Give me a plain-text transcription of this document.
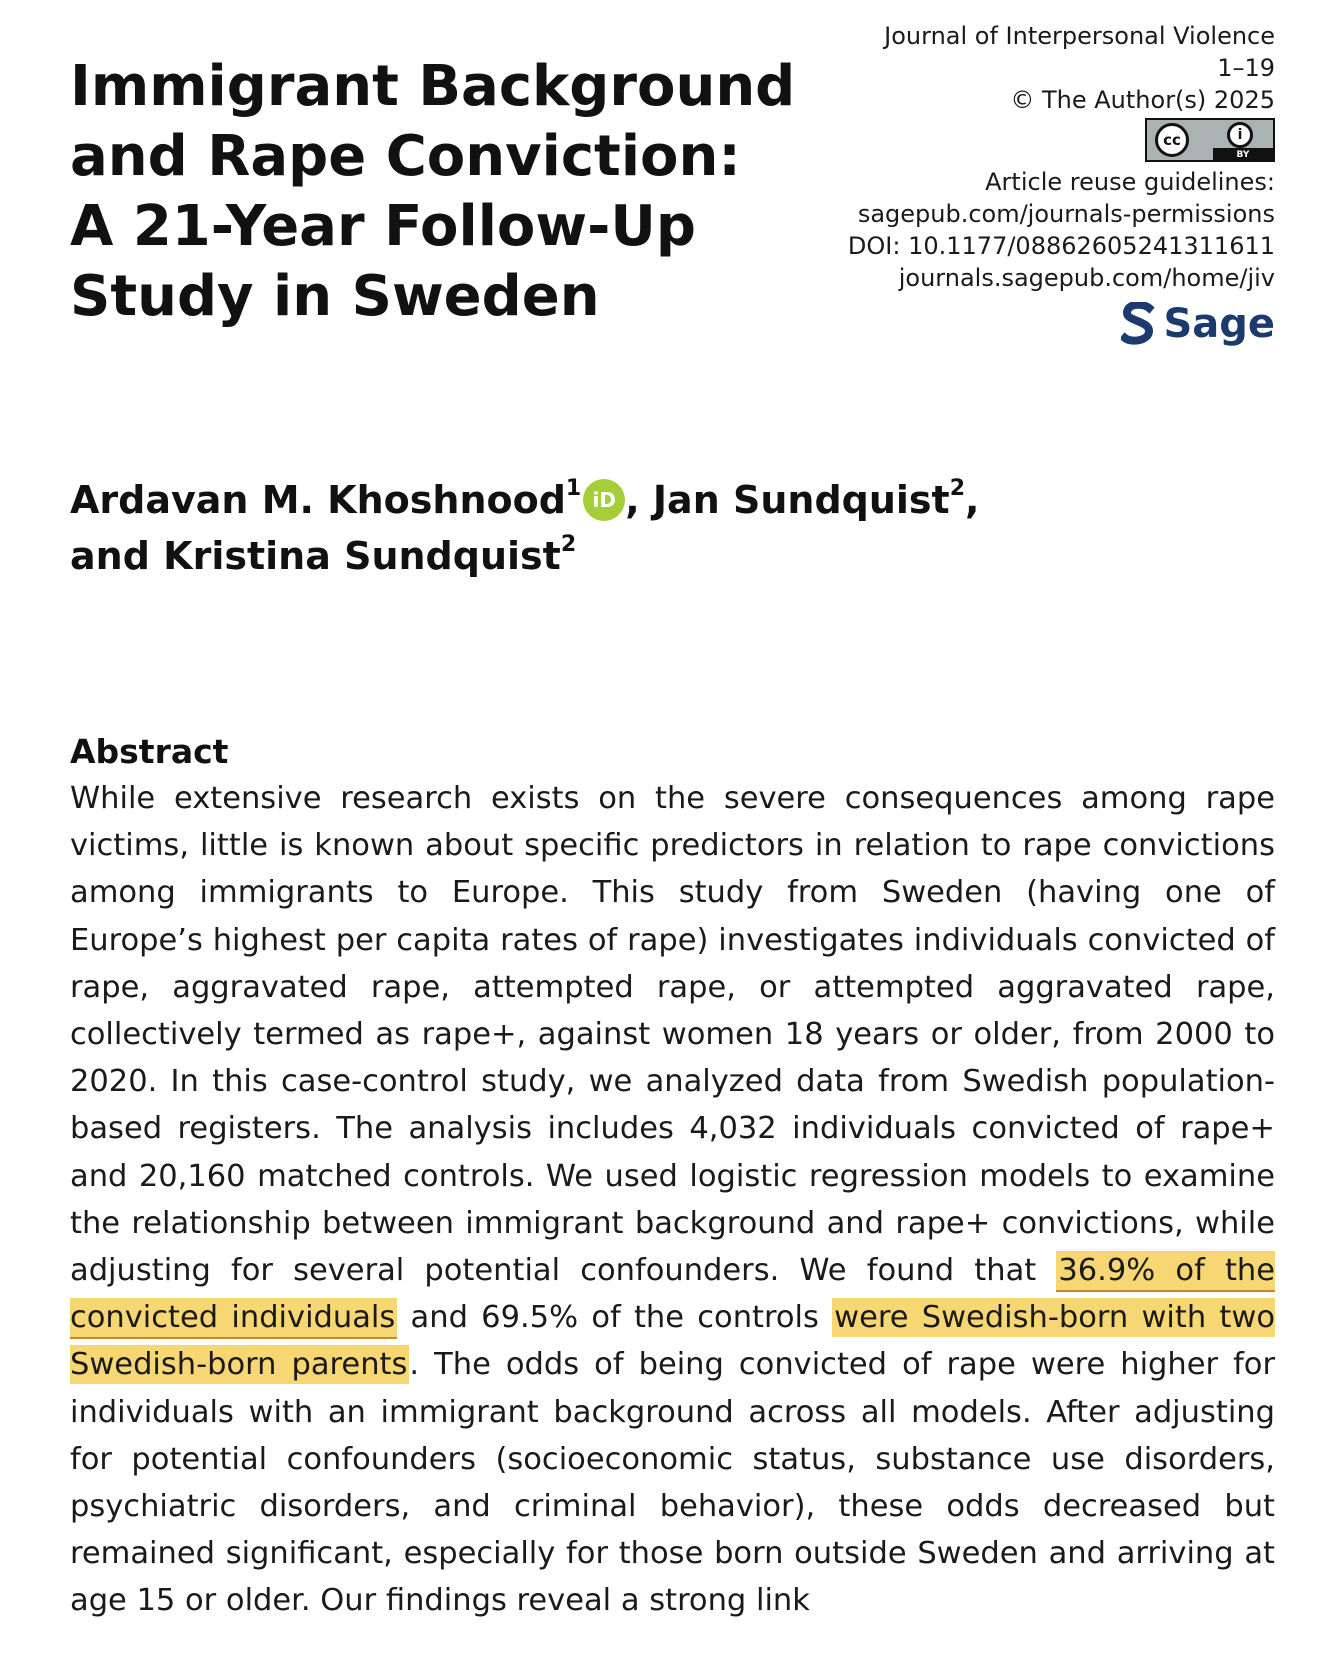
Journal of Interpersonal Violence
1–19
© The Author(s) 2025
cc	i
BY
Article reuse guidelines:
sagepub.com/journals-permissions
DOI: 10.1177/08862605241311611
journals.sagepub.com/home/jiv
Sage
Immigrant Background
and Rape Conviction:
A 21-Year Follow-Up
Study in Sweden
Ardavan M. Khoshnood$^1$ iD , Jan Sundquist$^2$,
and Kristina Sundquist$^2$
Abstract

While extensive research exists on the severe consequences among rape victims, little is known about specific predictors in relation to rape convictions among immigrants to Europe. This study from Sweden (having one of Europe’s highest per capita rates of rape) investigates individuals convicted of rape, aggravated rape, attempted rape, or attempted aggravated rape, collectively termed as rape+, against women 18 years or older, from 2000 to 2020. In this case-control study, we analyzed data from Swedish population-based registers. The analysis includes 4,032 individuals convicted of rape+ and 20,160 matched controls. We used logistic regression models to examine the relationship between immigrant background and rape+ convictions, while adjusting for several potential confounders. We found that 36.9% of the convicted individuals and 69.5% of the controls were Swedish-born with two Swedish-born parents. The odds of being convicted of rape were higher for individuals with an immigrant background across all models. After adjusting for potential confounders (socioeconomic status, substance use disorders, psychiatric disorders, and criminal behavior), these odds decreased but remained significant, especially for those born outside Sweden and arriving at age 15 or older. Our findings reveal a strong link
